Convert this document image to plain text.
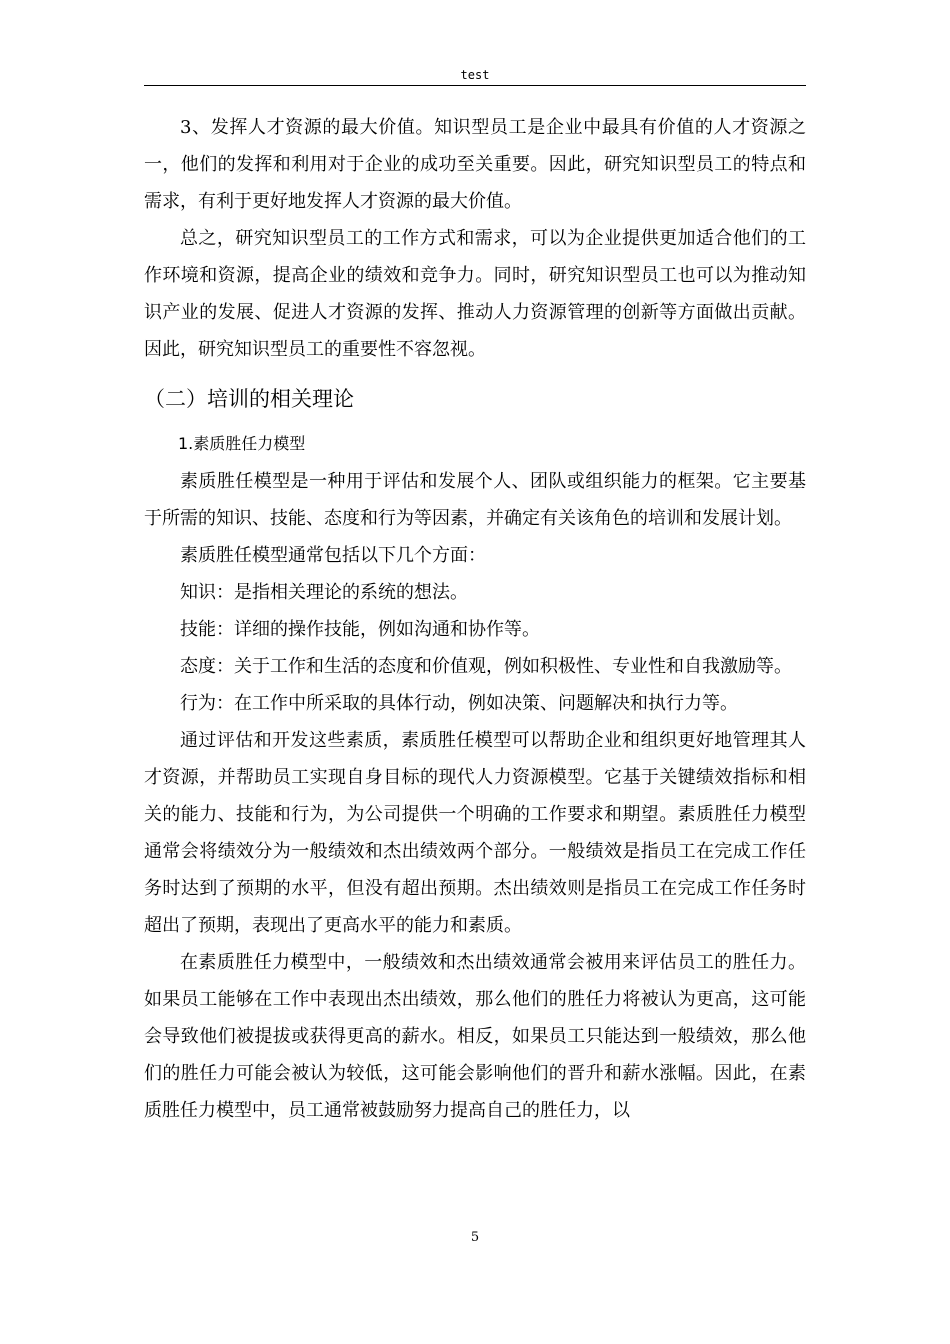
test

3、发挥人才资源的最大价值。知识型员工是企业中最具有价值的人才资源之一，他们的发挥和利用对于企业的成功至关重要。因此，研究知识型员工的特点和需求，有利于更好地发挥人才资源的最大价值。

总之，研究知识型员工的工作方式和需求，可以为企业提供更加适合他们的工作环境和资源，提高企业的绩效和竞争力。同时，研究知识型员工也可以为推动知识产业的发展、促进人才资源的发挥、推动人力资源管理的创新等方面做出贡献。因此，研究知识型员工的重要性不容忽视。

（二）培训的相关理论
1.素质胜任力模型

素质胜任模型是一种用于评估和发展个人、团队或组织能力的框架。它主要基于所需的知识、技能、态度和行为等因素，并确定有关该角色的培训和发展计划。

素质胜任模型通常包括以下几个方面：

知识：是指相关理论的系统的想法。

技能：详细的操作技能，例如沟通和协作等。

态度：关于工作和生活的态度和价值观，例如积极性、专业性和自我激励等。

行为：在工作中所采取的具体行动，例如决策、问题解决和执行力等。

通过评估和开发这些素质，素质胜任模型可以帮助企业和组织更好地管理其人才资源，并帮助员工实现自身目标的现代人力资源模型。它基于关键绩效指标和相关的能力、技能和行为，为公司提供一个明确的工作要求和期望。素质胜任力模型通常会将绩效分为一般绩效和杰出绩效两个部分。一般绩效是指员工在完成工作任务时达到了预期的水平，但没有超出预期。杰出绩效则是指员工在完成工作任务时超出了预期，表现出了更高水平的能力和素质。

在素质胜任力模型中，一般绩效和杰出绩效通常会被用来评估员工的胜任力。如果员工能够在工作中表现出杰出绩效，那么他们的胜任力将被认为更高，这可能会导致他们被提拔或获得更高的薪水。相反，如果员工只能达到一般绩效，那么他们的胜任力可能会被认为较低，这可能会影响他们的晋升和薪水涨幅。因此，在素质胜任力模型中，员工通常被鼓励努力提高自己的胜任力，以

5
